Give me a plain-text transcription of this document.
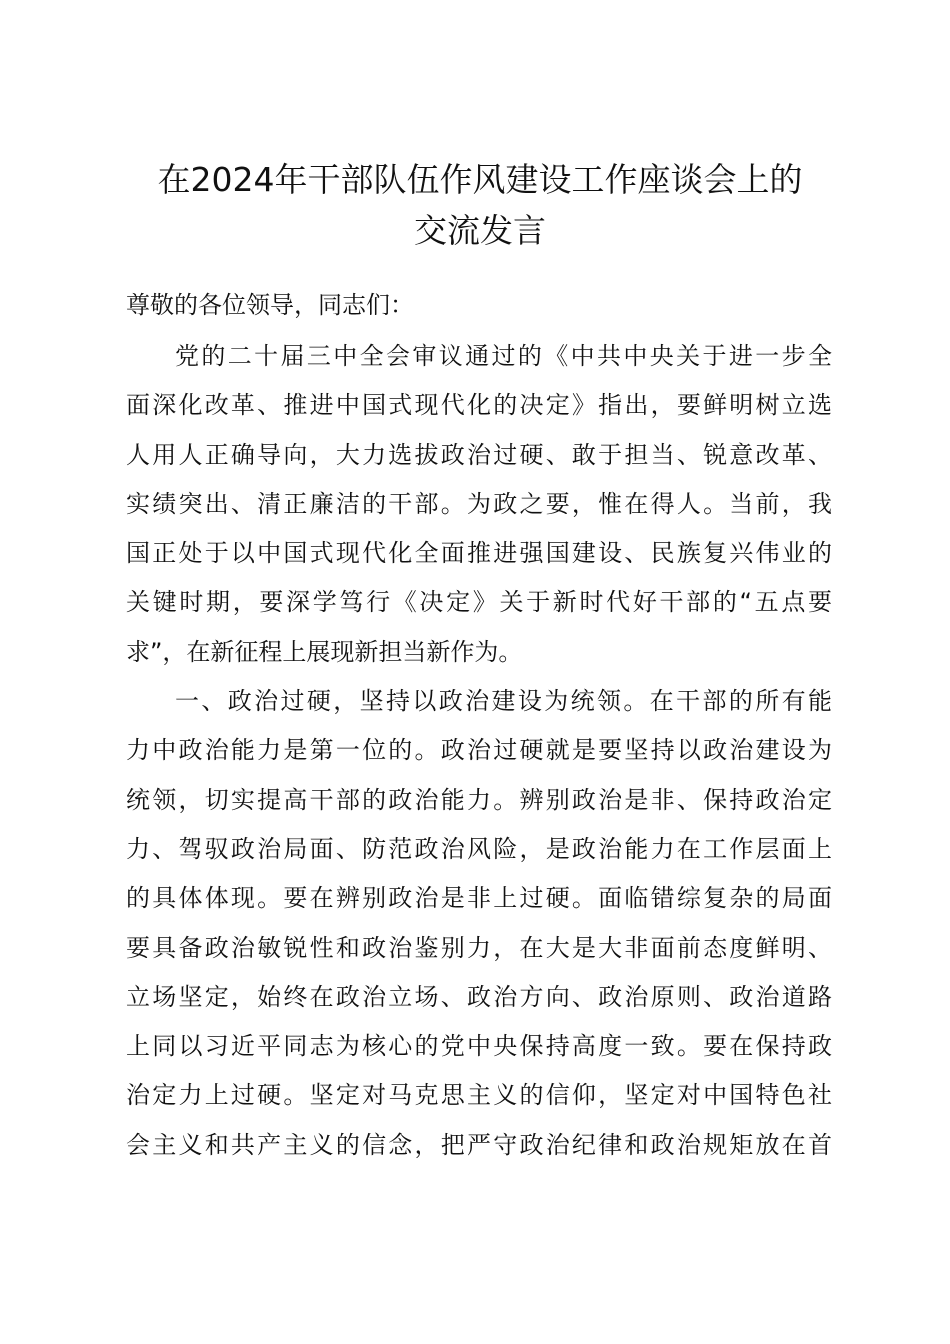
在2024年干部队伍作风建设工作座谈会上的
交流发言

尊敬的各位领导，同志们：

党的二十届三中全会审议通过的《中共中央关于进一步全
面深化改革、推进中国式现代化的决定》指出，要鲜明树立选
人用人正确导向，大力选拔政治过硬、敢于担当、锐意改革、
实绩突出、清正廉洁的干部。为政之要，惟在得人。当前，我
国正处于以中国式现代化全面推进强国建设、民族复兴伟业的
关键时期，要深学笃行《决定》关于新时代好干部的“五点要
求”，在新征程上展现新担当新作为。
一、政治过硬，坚持以政治建设为统领。在干部的所有能
力中政治能力是第一位的。政治过硬就是要坚持以政治建设为
统领，切实提高干部的政治能力。辨别政治是非、保持政治定
力、驾驭政治局面、防范政治风险，是政治能力在工作层面上
的具体体现。要在辨别政治是非上过硬。面临错综复杂的局面
要具备政治敏锐性和政治鉴别力，在大是大非面前态度鲜明、
立场坚定，始终在政治立场、政治方向、政治原则、政治道路
上同以习近平同志为核心的党中央保持高度一致。要在保持政
治定力上过硬。坚定对马克思主义的信仰，坚定对中国特色社
会主义和共产主义的信念，把严守政治纪律和政治规矩放在首
